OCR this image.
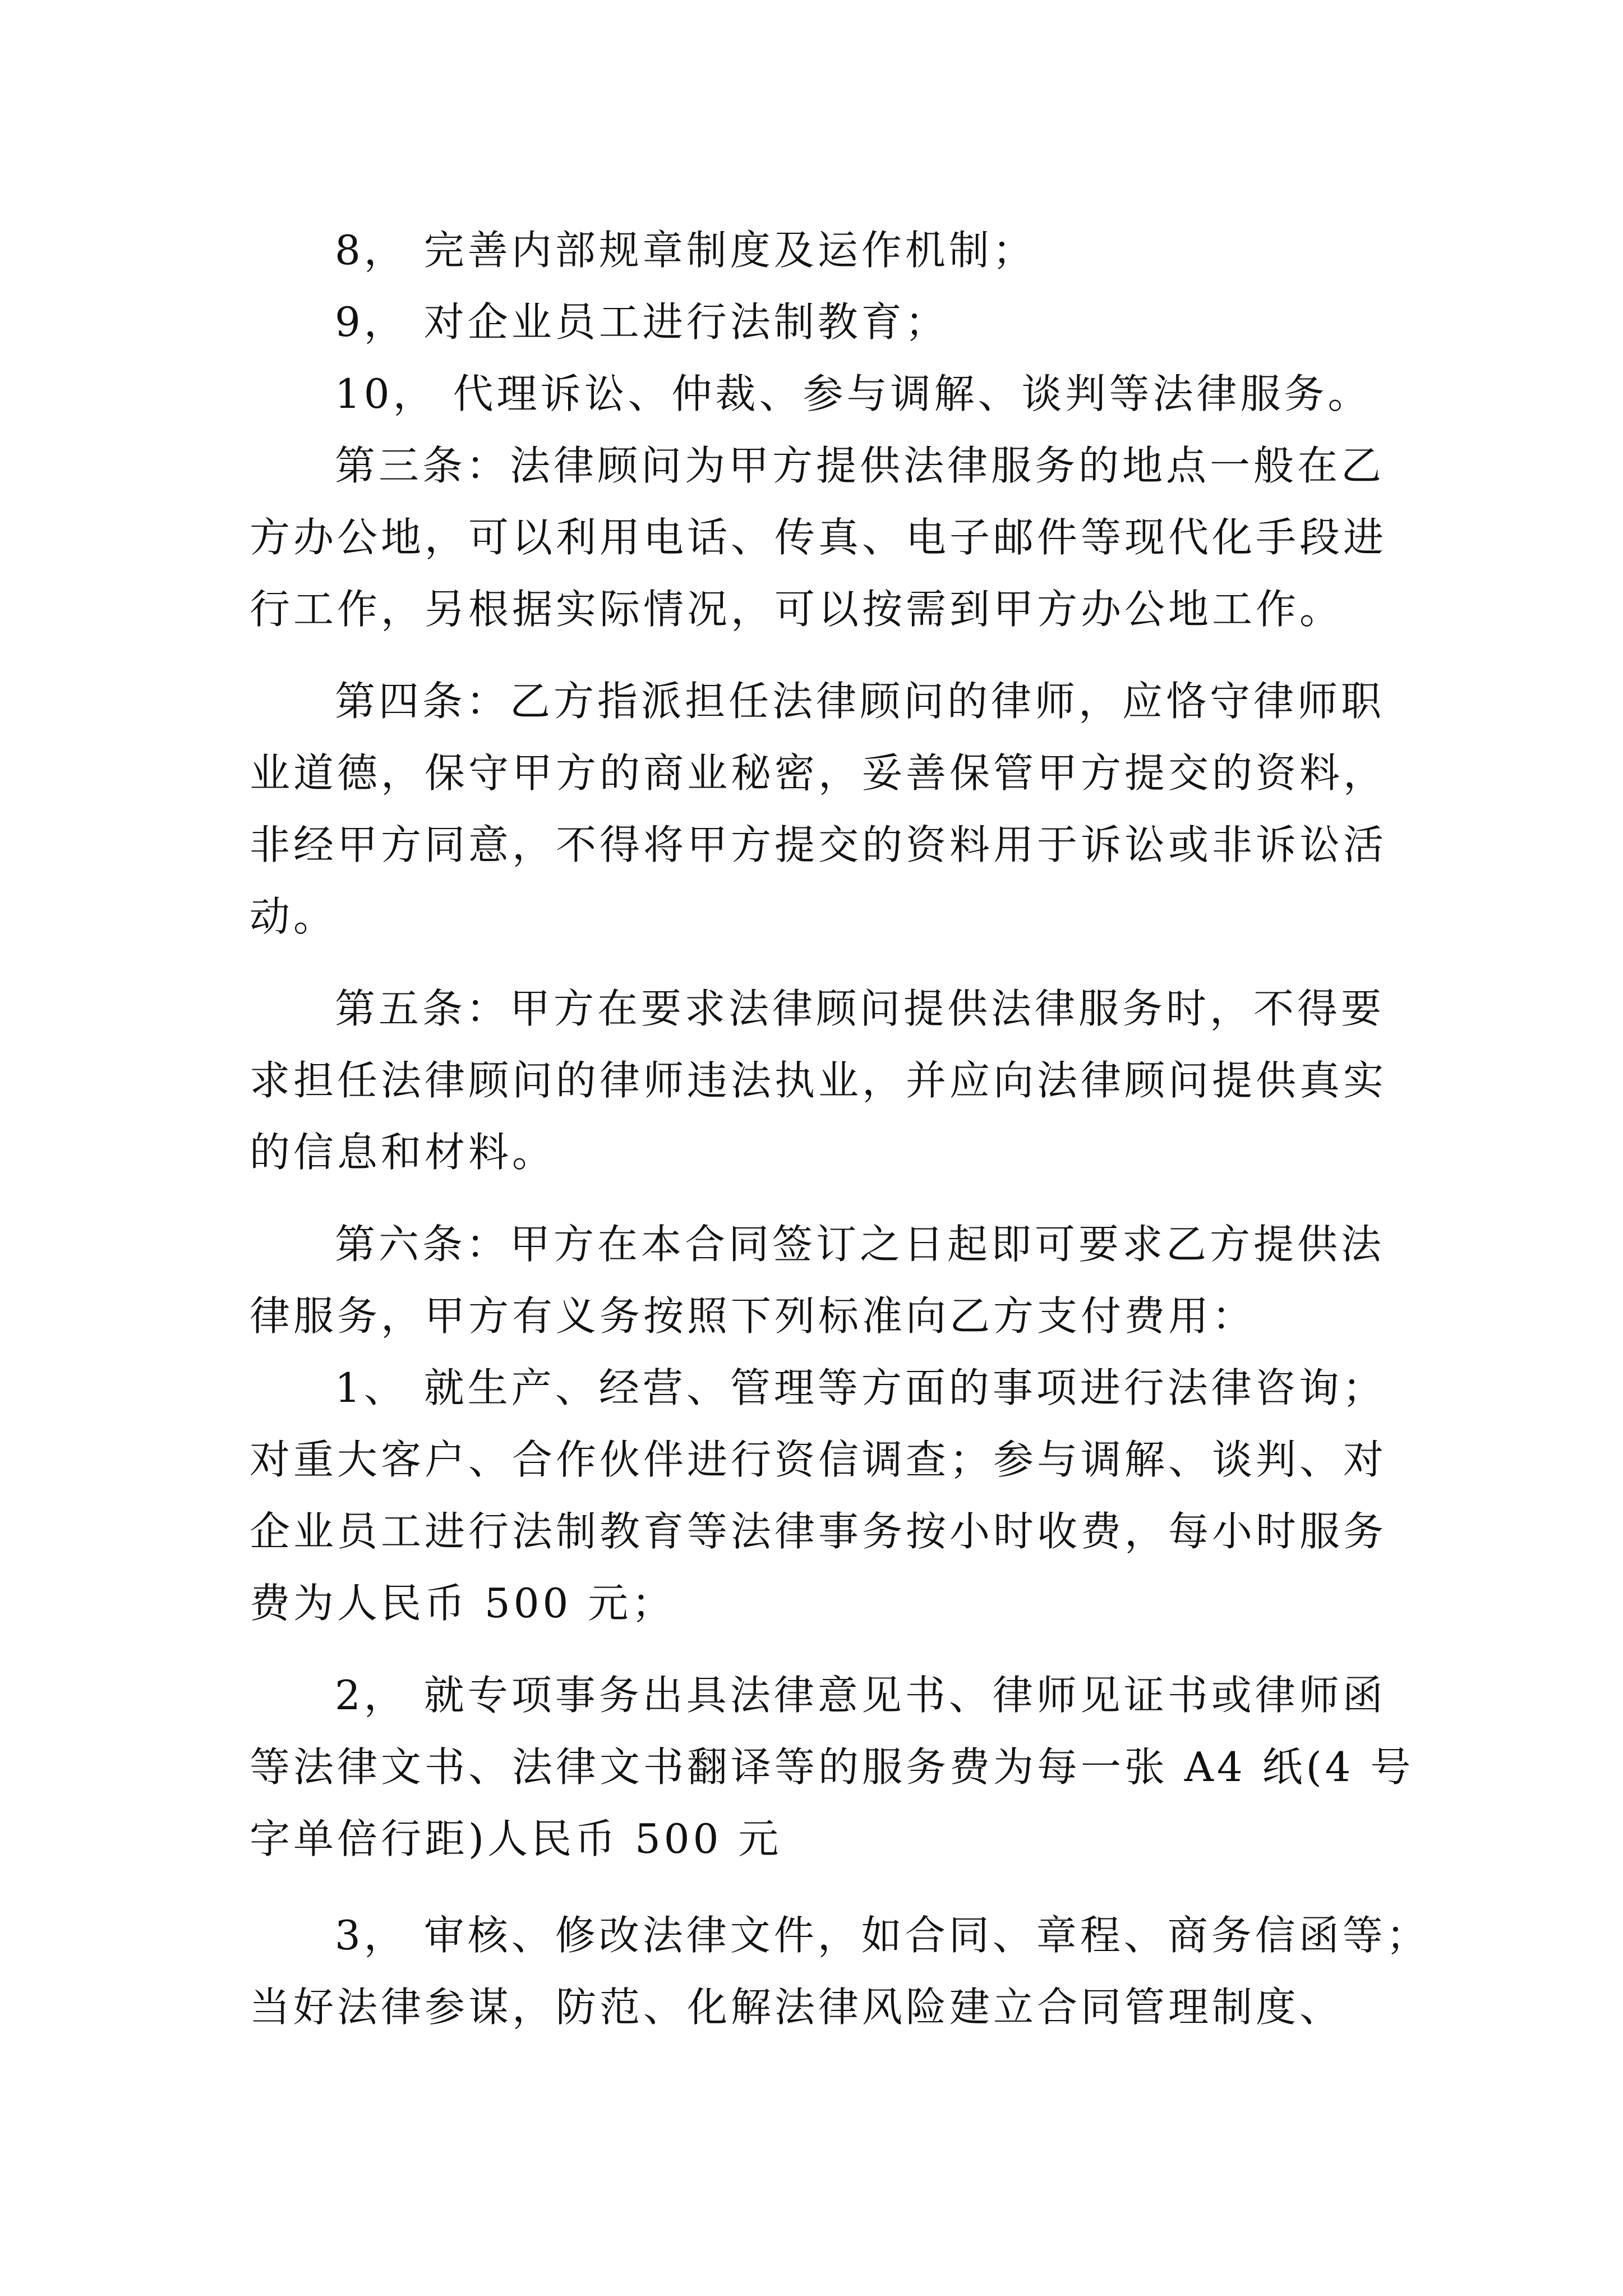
8， 完善内部规章制度及运作机制；
9， 对企业员工进行法制教育；
10， 代理诉讼、仲裁、参与调解、谈判等法律服务。
第三条：法律顾问为甲方提供法律服务的地点一般在乙
方办公地，可以利用电话、传真、电子邮件等现代化手段进
行工作，另根据实际情况，可以按需到甲方办公地工作。
第四条：乙方指派担任法律顾问的律师，应恪守律师职
业道德，保守甲方的商业秘密，妥善保管甲方提交的资料，
非经甲方同意，不得将甲方提交的资料用于诉讼或非诉讼活
动。
第五条：甲方在要求法律顾问提供法律服务时，不得要
求担任法律顾问的律师违法执业，并应向法律顾问提供真实
的信息和材料。
第六条：甲方在本合同签订之日起即可要求乙方提供法
律服务，甲方有义务按照下列标准向乙方支付费用：
1、 就生产、经营、管理等方面的事项进行法律咨询；
对重大客户、合作伙伴进行资信调查；参与调解、谈判、对
企业员工进行法制教育等法律事务按小时收费，每小时服务
费为人民币 500 元；
2， 就专项事务出具法律意见书、律师见证书或律师函
等法律文书、法律文书翻译等的服务费为每一张 A4 纸(4 号
字单倍行距)人民币 500 元
3， 审核、修改法律文件，如合同、章程、商务信函等；
当好法律参谋，防范、化解法律风险建立合同管理制度、
